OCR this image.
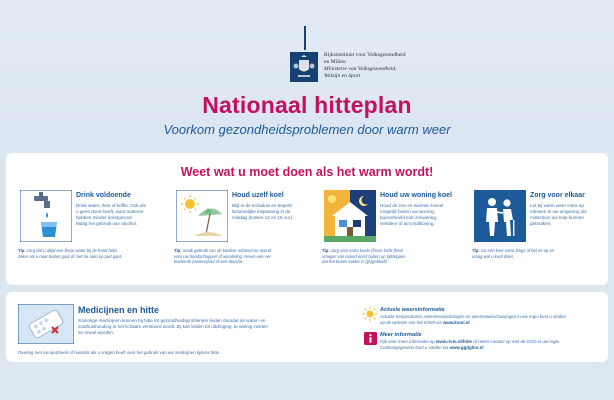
Rijksinstituut voor Volksgezondheid
en Milieu
Ministerie van Volksgezondheid,
Welzijn en Sport
Nationaal hitteplan
Voorkom gezondheidsproblemen door warm weer
Weet wat u moet doen als het warm wordt!
Drink voldoende
Drink water, thee of koffie. Ook als
u geen dorst heeft, want ouderen
hebben minder dorstgevoel.
Matig het gebruik van alcohol.
Tip: zorg dat u altijd een flesje water bij de hand hebt,
zeker als u naar buiten gaat of met de auto op pad gaat.
Houd uzelf koel
Blijf in de schaduw en beperk
lichamelijke inspanning in de
middag (tussen 12 en 16 uur).
Tip: maak gebruik van de koelere ochtend en avond
voor uw boodschappen of wandeling. Neem een ver-
koelende (voeten)bad of een douche.
Houd uw woning koel
Houd de zon en warmte zoveel
mogelijk buiten uw woning,
bijvoorbeeld met zonwering,
ventileer of airconditioning.
Tip: zorg voor extra koele (frisse lucht (heel
vroeger van avond en/of buiten op tijdstippen
dat het buiten koeler is (ijs)gekoeld
Zorg voor elkaar
Let bij warm weer extra op
mensen in uw omgeving die
misschien uw hulp kunnen
gebruiken.
Tip: Ga een keer extra langs of bel ze op en
vraag wat u kunt doen.
Medicijnen en hitte
Sommige medicijnen kunnen bij hitte tot gezondheidsproblemen leiden doordat de water- en
zouthuishouding in het lichaam verstoord wordt. Zij kan leiden tot uitdroging, te weinig zweten
en onwel worden.
Overleg met uw apotheek of huisarts als u vragen heeft over het gebruik van uw medicijnen tijdens hitte.
Actuele weersinformatie
Actuele temperaturen, weersverwachtingen en weerswaarschuwingen in uw regio kunt u vinden
op de website van het KNMI via www.knmi.nl
Meer informatie
Kijk voor meer informatie op www.rivm.nl/hitte of neem contact op met de GGD in uw regio.
Contactgegevens kunt u vinden via www.ggdghor.nl
